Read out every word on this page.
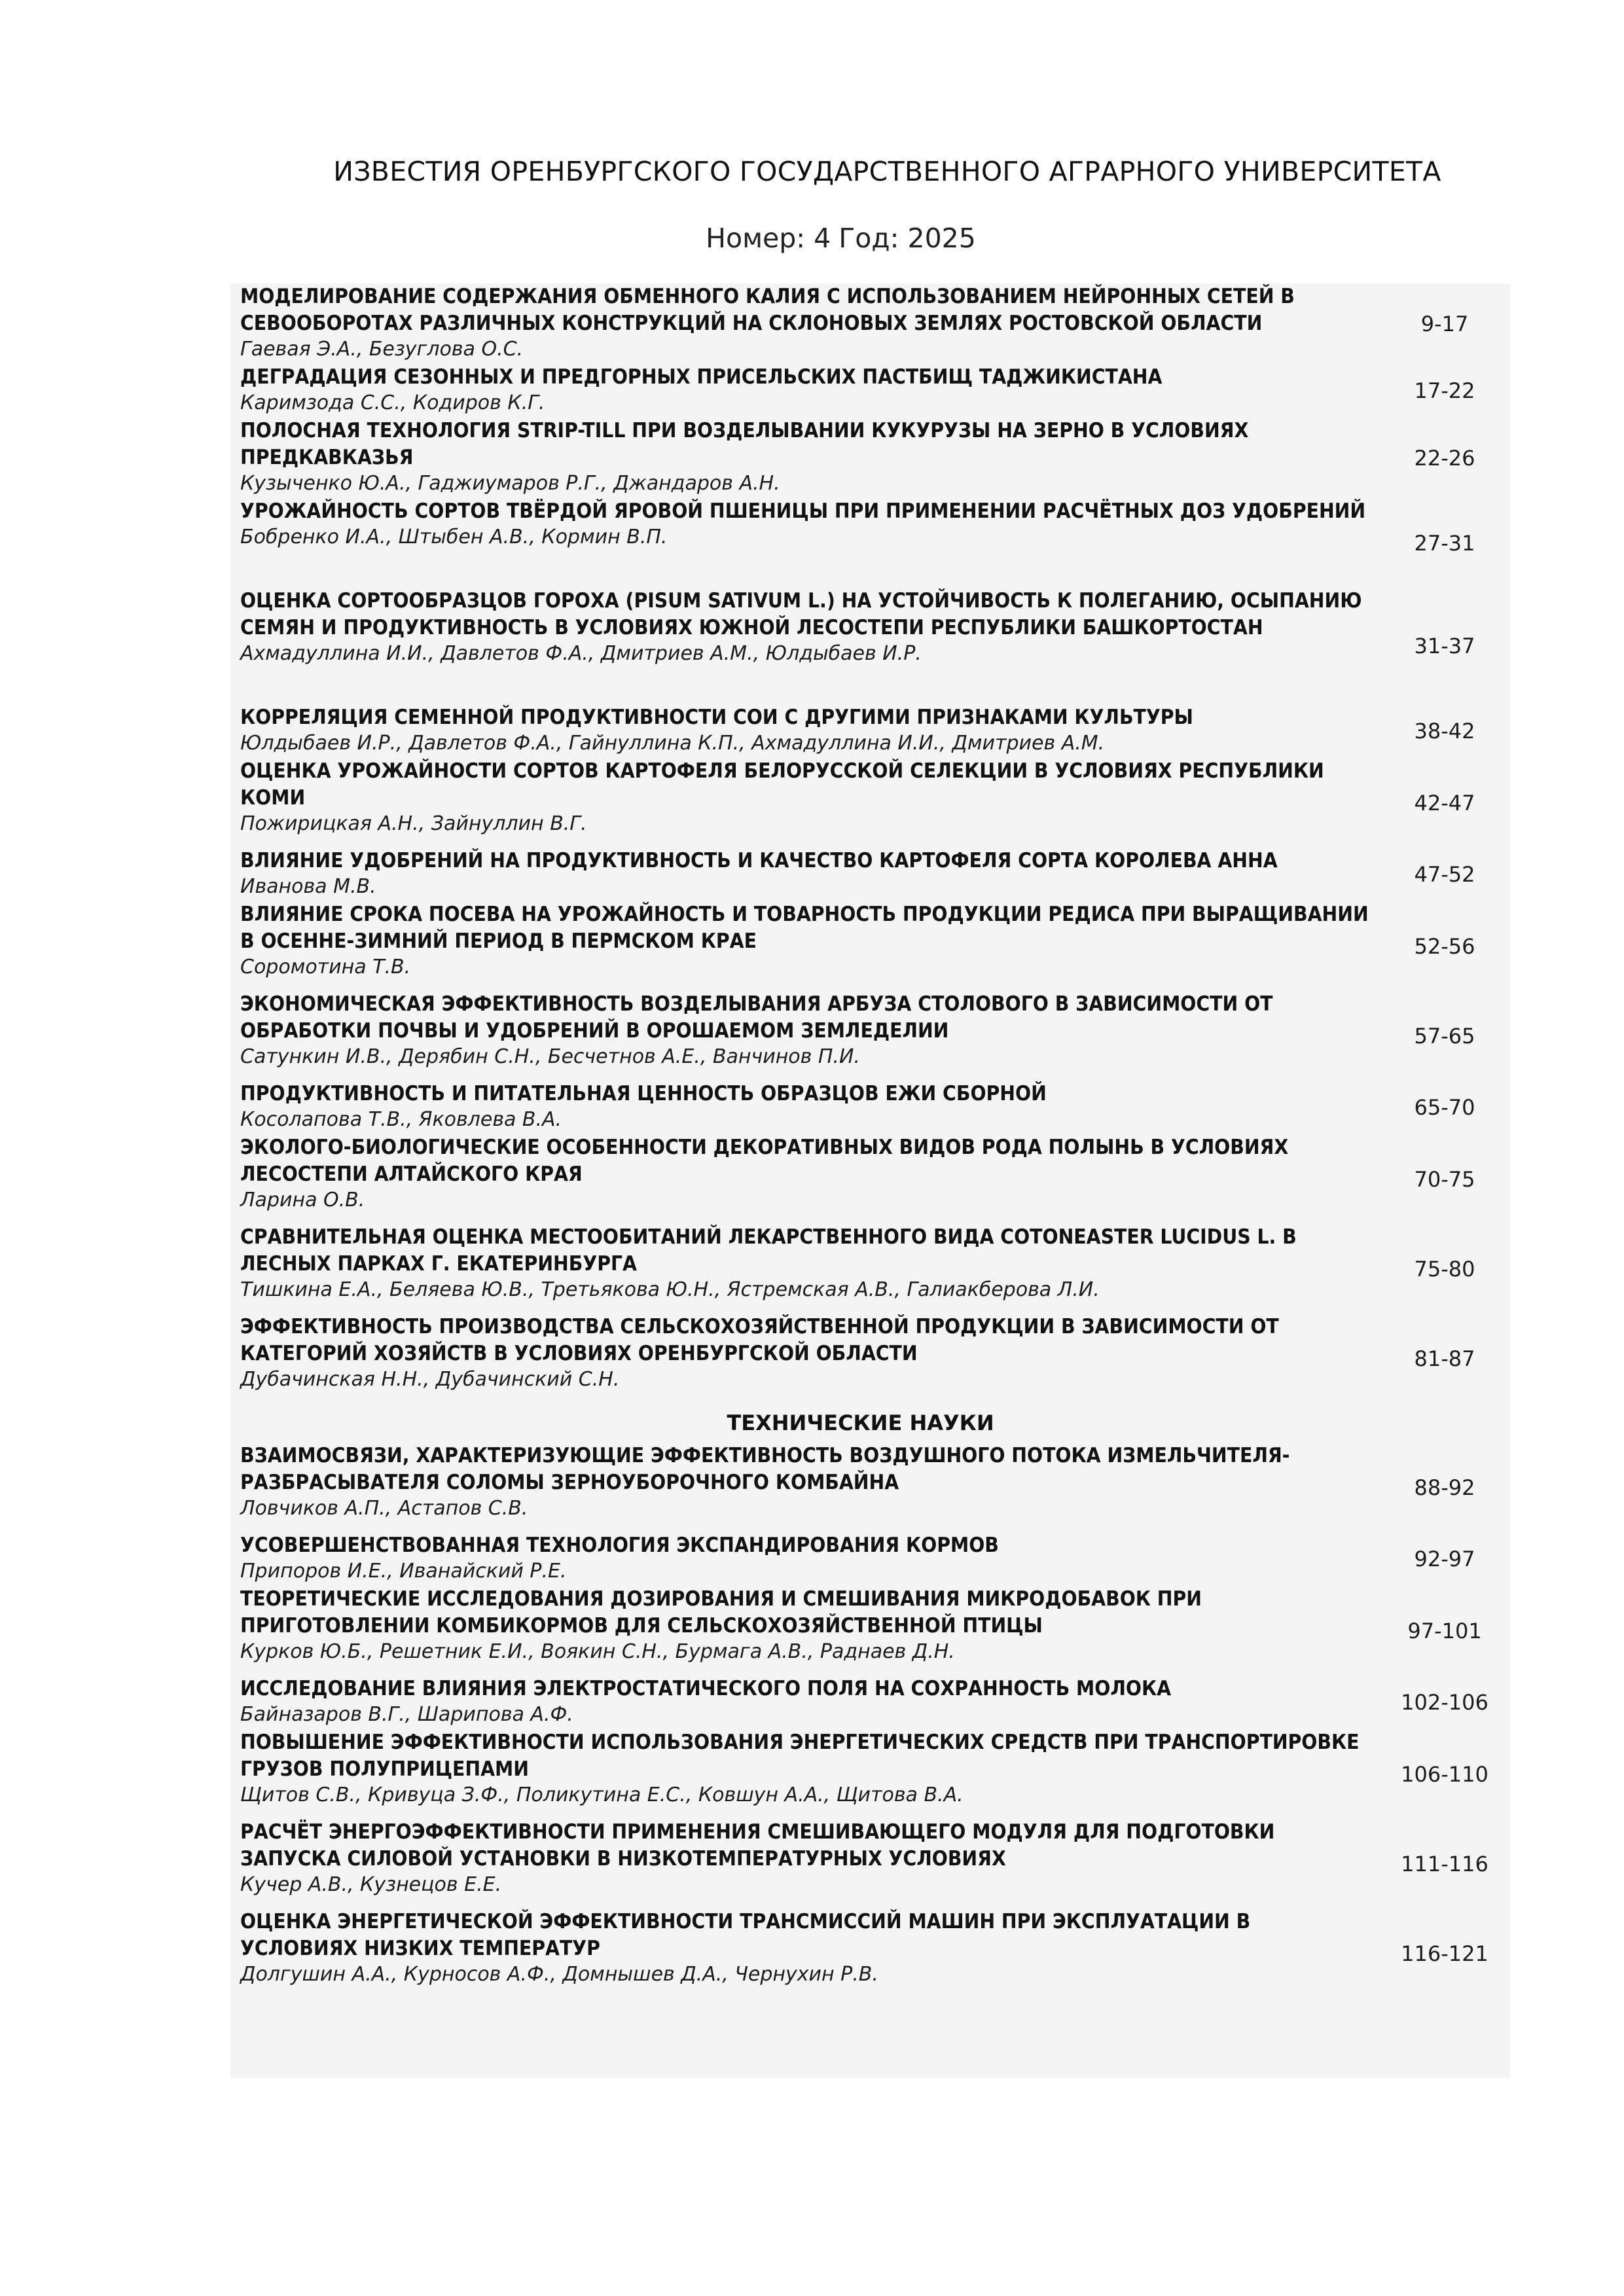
ИЗВЕСТИЯ ОРЕНБУРГСКОГО ГОСУДАРСТВЕННОГО АГРАРНОГО УНИВЕРСИТЕТА
Номер: 4 Год: 2025
МОДЕЛИРОВАНИЕ СОДЕРЖАНИЯ ОБМЕННОГО КАЛИЯ С ИСПОЛЬЗОВАНИЕМ НЕЙРОННЫХ СЕТЕЙ В СЕВООБОРОТАХ РАЗЛИЧНЫХ КОНСТРУКЦИЙ НА СКЛОНОВЫХ ЗЕМЛЯХ РОСТОВСКОЙ ОБЛАСТИ
Гаевая Э.А., Безуглова О.С.
9-17
ДЕГРАДАЦИЯ СЕЗОННЫХ И ПРЕДГОРНЫХ ПРИСЕЛЬСКИХ ПАСТБИЩ ТАДЖИКИСТАНА
Каримзода С.С., Кодиров К.Г.	17-22
ПОЛОСНАЯ ТЕХНОЛОГИЯ STRIP-TILL ПРИ ВОЗДЕЛЫВАНИИ КУКУРУЗЫ НА ЗЕРНО В УСЛОВИЯХ ПРЕДКАВКАЗЬЯ
Кузыченко Ю.А., Гаджиумаров Р.Г., Джандаров А.Н.
22-26
УРОЖАЙНОСТЬ СОРТОВ ТВЁРДОЙ ЯРОВОЙ ПШЕНИЦЫ ПРИ ПРИМЕНЕНИИ РАСЧЁТНЫХ ДОЗ УДОБРЕНИЙ
Бобренко И.А., Штыбен А.В., Кормин В.П.	27-31
ОЦЕНКА СОРТООБРАЗЦОВ ГОРОХА (PISUM SATIVUM L.) НА УСТОЙЧИВОСТЬ К ПОЛЕГАНИЮ, ОСЫПАНИЮ СЕМЯН И ПРОДУКТИВНОСТЬ В УСЛОВИЯХ ЮЖНОЙ ЛЕСОСТЕПИ РЕСПУБЛИКИ БАШКОРТОСТАН
Ахмадуллина И.И., Давлетов Ф.А., Дмитриев А.М., Юлдыбаев И.Р.	31-37
КОРРЕЛЯЦИЯ СЕМЕННОЙ ПРОДУКТИВНОСТИ СОИ С ДРУГИМИ ПРИЗНАКАМИ КУЛЬТУРЫ
Юлдыбаев И.Р., Давлетов Ф.А., Гайнуллина К.П., Ахмадуллина И.И., Дмитриев А.М.	38-42
ОЦЕНКА УРОЖАЙНОСТИ СОРТОВ КАРТОФЕЛЯ БЕЛОРУССКОЙ СЕЛЕКЦИИ В УСЛОВИЯХ РЕСПУБЛИКИ КОМИ
Пожирицкая А.Н., Зайнуллин В.Г.
42-47
ВЛИЯНИЕ УДОБРЕНИЙ НА ПРОДУКТИВНОСТЬ И КАЧЕСТВО КАРТОФЕЛЯ СОРТА КОРОЛЕВА АННА
Иванова М.В.	47-52
ВЛИЯНИЕ СРОКА ПОСЕВА НА УРОЖАЙНОСТЬ И ТОВАРНОСТЬ ПРОДУКЦИИ РЕДИСА ПРИ ВЫРАЩИВАНИИ В ОСЕННЕ-ЗИМНИЙ ПЕРИОД В ПЕРМСКОМ КРАЕ
Соромотина Т.В.
52-56
ЭКОНОМИЧЕСКАЯ ЭФФЕКТИВНОСТЬ ВОЗДЕЛЫВАНИЯ АРБУЗА СТОЛОВОГО В ЗАВИСИМОСТИ ОТ ОБРАБОТКИ ПОЧВЫ И УДОБРЕНИЙ В ОРОШАЕМОМ ЗЕМЛЕДЕЛИИ
Сатункин И.В., Дерябин С.Н., Бесчетнов А.Е., Ванчинов П.И.
57-65
ПРОДУКТИВНОСТЬ И ПИТАТЕЛЬНАЯ ЦЕННОСТЬ ОБРАЗЦОВ ЕЖИ СБОРНОЙ
Косолапова Т.В., Яковлева В.А.	65-70
ЭКОЛОГО-БИОЛОГИЧЕСКИЕ ОСОБЕННОСТИ ДЕКОРАТИВНЫХ ВИДОВ РОДА ПОЛЫНЬ В УСЛОВИЯХ ЛЕСОСТЕПИ АЛТАЙСКОГО КРАЯ
Ларина О.В.
70-75
СРАВНИТЕЛЬНАЯ ОЦЕНКА МЕСТООБИТАНИЙ ЛЕКАРСТВЕННОГО ВИДА COTONEASTER LUCIDUS L. В ЛЕСНЫХ ПАРКАХ Г. ЕКАТЕРИНБУРГА
Тишкина Е.А., Беляева Ю.В., Третьякова Ю.Н., Ястремская А.В., Галиакберова Л.И.
75-80
ЭФФЕКТИВНОСТЬ ПРОИЗВОДСТВА СЕЛЬСКОХОЗЯЙСТВЕННОЙ ПРОДУКЦИИ В ЗАВИСИМОСТИ ОТ КАТЕГОРИЙ ХОЗЯЙСТВ В УСЛОВИЯХ ОРЕНБУРГСКОЙ ОБЛАСТИ
Дубачинская Н.Н., Дубачинский С.Н.
81-87
ТЕХНИЧЕСКИЕ НАУКИ
ВЗАИМОСВЯЗИ, ХАРАКТЕРИЗУЮЩИЕ ЭФФЕКТИВНОСТЬ ВОЗДУШНОГО ПОТОКА ИЗМЕЛЬЧИТЕЛЯ-РАЗБРАСЫВАТЕЛЯ СОЛОМЫ ЗЕРНОУБОРОЧНОГО КОМБАЙНА
Ловчиков А.П., Астапов С.В.
88-92
УСОВЕРШЕНСТВОВАННАЯ ТЕХНОЛОГИЯ ЭКСПАНДИРОВАНИЯ КОРМОВ
Припоров И.Е., Иванайский Р.Е.	92-97
ТЕОРЕТИЧЕСКИЕ ИССЛЕДОВАНИЯ ДОЗИРОВАНИЯ И СМЕШИВАНИЯ МИКРОДОБАВОК ПРИ ПРИГОТОВЛЕНИИ КОМБИКОРМОВ ДЛЯ СЕЛЬСКОХОЗЯЙСТВЕННОЙ ПТИЦЫ
Курков Ю.Б., Решетник Е.И., Воякин С.Н., Бурмага А.В., Раднаев Д.Н.
97-101
ИССЛЕДОВАНИЕ ВЛИЯНИЯ ЭЛЕКТРОСТАТИЧЕСКОГО ПОЛЯ НА СОХРАННОСТЬ МОЛОКА
Байназаров В.Г., Шарипова А.Ф.	102-106
ПОВЫШЕНИЕ ЭФФЕКТИВНОСТИ ИСПОЛЬЗОВАНИЯ ЭНЕРГЕТИЧЕСКИХ СРЕДСТВ ПРИ ТРАНСПОРТИРОВКЕ ГРУЗОВ ПОЛУПРИЦЕПАМИ
Щитов С.В., Кривуца З.Ф., Поликутина Е.С., Ковшун А.А., Щитова В.А.
106-110
РАСЧЁТ ЭНЕРГОЭФФЕКТИВНОСТИ ПРИМЕНЕНИЯ СМЕШИВАЮЩЕГО МОДУЛЯ ДЛЯ ПОДГОТОВКИ ЗАПУСКА СИЛОВОЙ УСТАНОВКИ В НИЗКОТЕМПЕРАТУРНЫХ УСЛОВИЯХ
Кучер А.В., Кузнецов Е.Е.
111-116
ОЦЕНКА ЭНЕРГЕТИЧЕСКОЙ ЭФФЕКТИВНОСТИ ТРАНСМИССИЙ МАШИН ПРИ ЭКСПЛУАТАЦИИ В УСЛОВИЯХ НИЗКИХ ТЕМПЕРАТУР
Долгушин А.А., Курносов А.Ф., Домнышев Д.А., Чернухин Р.В.
116-121
